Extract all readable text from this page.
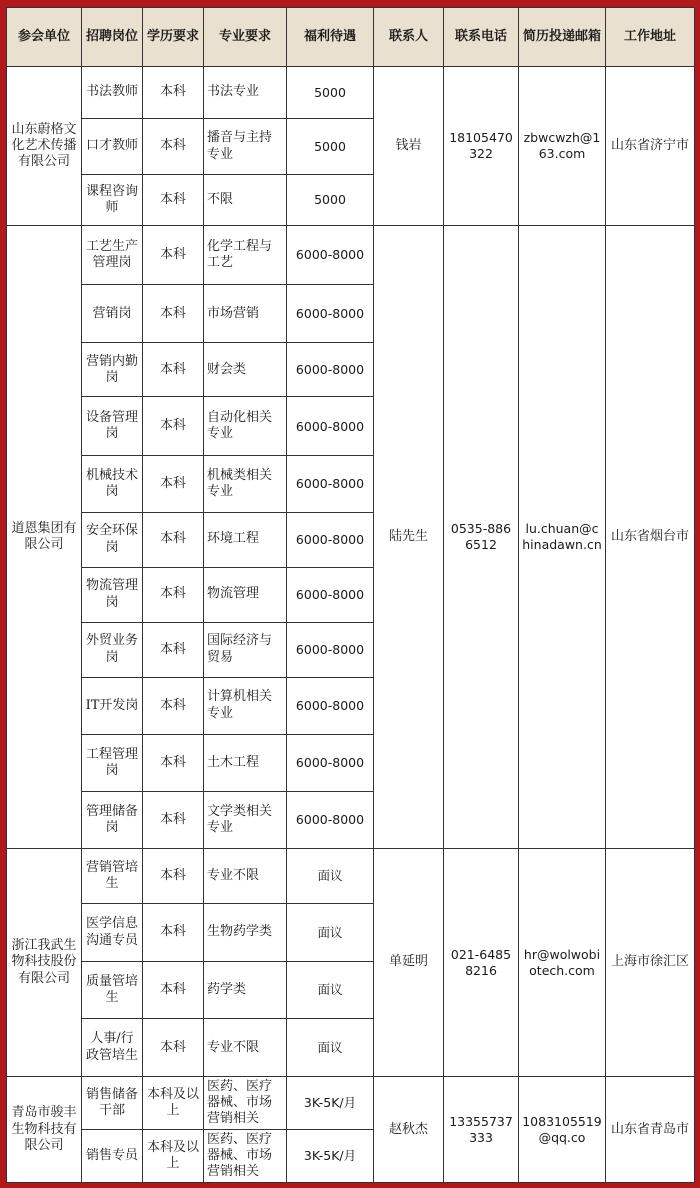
参会单位	招聘岗位	学历要求	专业要求	福利待遇	联系人	联系电话	简历投递邮箱	工作地址
山东蔚格文化艺术传播有限公司	书法教师	本科	书法专业	5000	钱岩	18105470322	zbwcwzh@163.com	山东省济宁市
	口才教师	本科	播音与主持专业	5000				
	课程咨询师	本科	不限	5000				
道恩集团有限公司	工艺生产管理岗	本科	化学工程与工艺	6000-8000	陆先生	0535-8866512	lu.chuan@chinadawn.cn	山东省烟台市
	营销岗	本科	市场营销	6000-8000				
	营销内勤岗	本科	财会类	6000-8000				
	设备管理岗	本科	自动化相关专业	6000-8000				
	机械技术岗	本科	机械类相关专业	6000-8000				
	安全环保岗	本科	环境工程	6000-8000				
	物流管理岗	本科	物流管理	6000-8000				
	外贸业务岗	本科	国际经济与贸易	6000-8000				
	IT开发岗	本科	计算机相关专业	6000-8000				
	工程管理岗	本科	土木工程	6000-8000				
	管理储备岗	本科	文学类相关专业	6000-8000				
浙江我武生物科技股份有限公司	营销管培生	本科	专业不限	面议	单延明	021-64858216	hr@wolwobiotech.com	上海市徐汇区
	医学信息沟通专员	本科	生物药学类	面议				
	质量管培生	本科	药学类	面议				
	人事/行政管培生	本科	专业不限	面议				
青岛市骏丰生物科技有限公司	销售储备干部	本科及以上	医药、医疗器械、市场营销相关	3K-5K/月	赵秋杰	13355737333	1083105519@qq.co	山东省青岛市
	销售专员	本科及以上	医药、医疗器械、市场营销相关	3K-5K/月				
